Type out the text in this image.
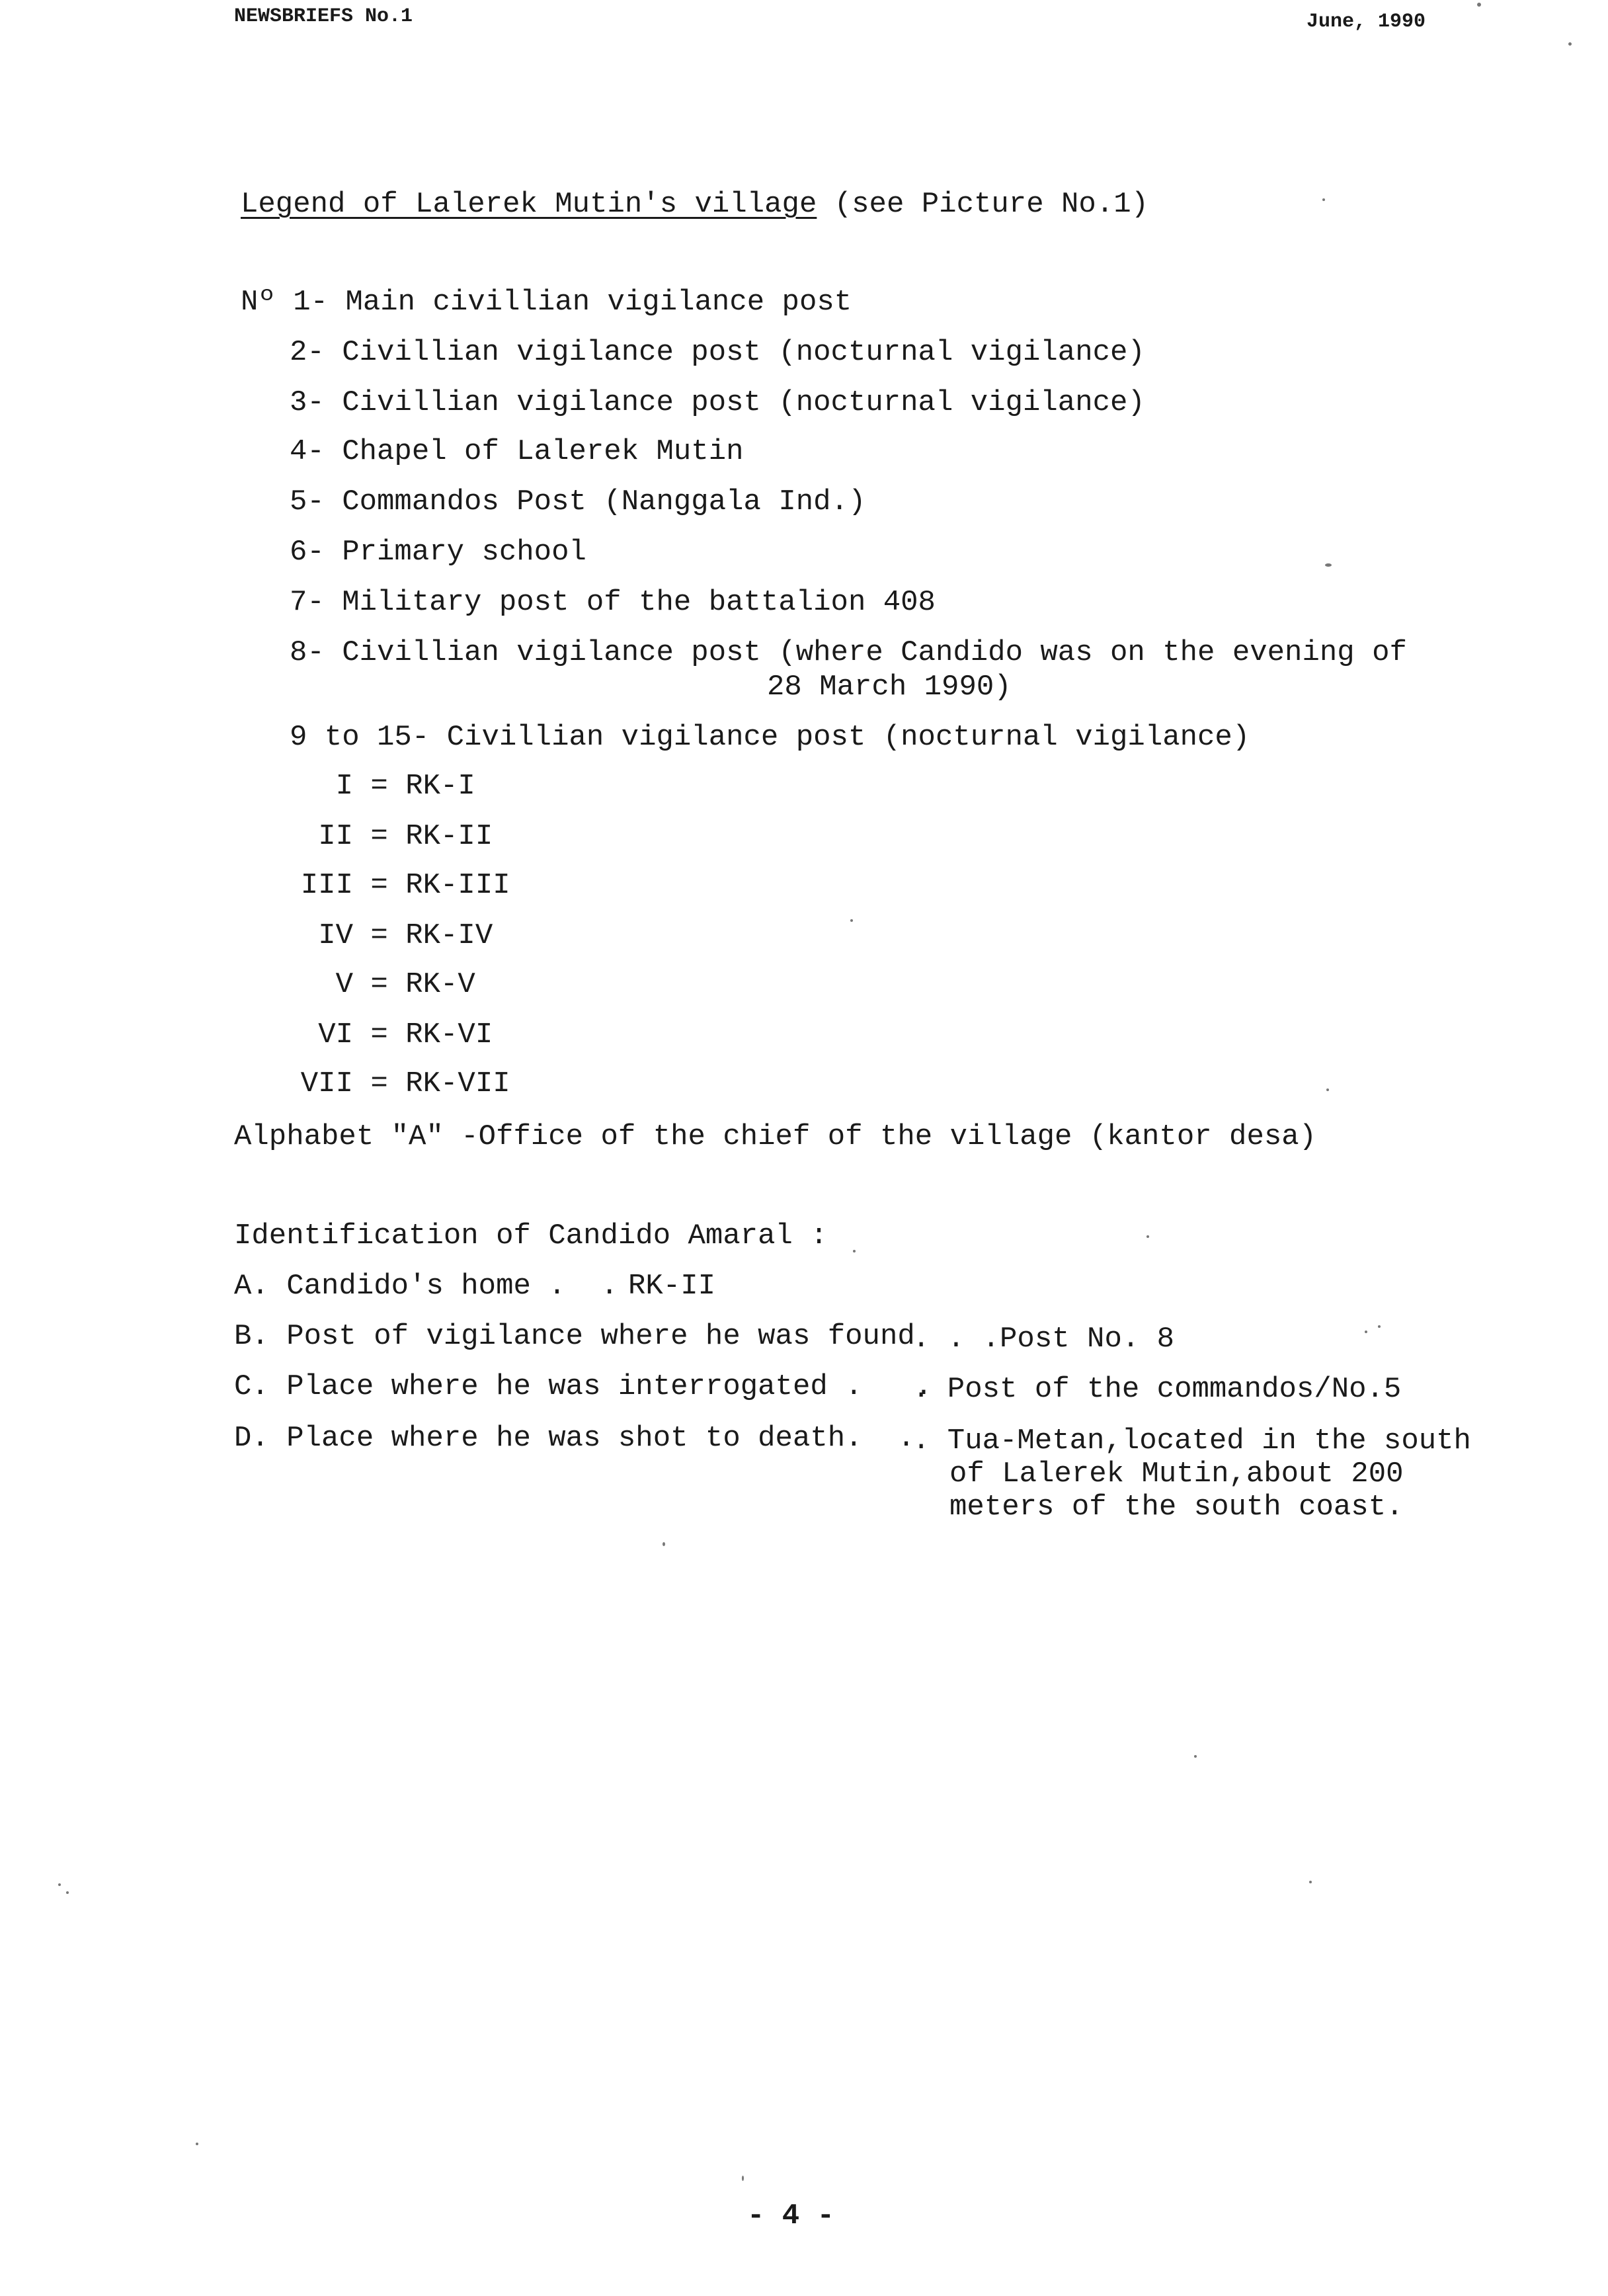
NEWSBRIEFS No.1	June, 1990
Legend of Lalerek Mutin's village (see Picture No.1)
Nº 1- Main civillian vigilance post
2- Civillian vigilance post (nocturnal vigilance)
3- Civillian vigilance post (nocturnal vigilance)
4- Chapel of Lalerek Mutin
5- Commandos Post (Nanggala Ind.)
6- Primary school
7- Military post of the battalion 408
8- Civillian vigilance post (where Candido was on the evening of
28 March 1990)
9 to 15- Civillian vigilance post (nocturnal vigilance)
I = RK-I
II = RK-II
III = RK-III
IV = RK-IV
V = RK-V
VI = RK-VI
VII = RK-VII
Alphabet "A" -Office of the chief of the village (kantor desa)
Identification of Candido Amaral :
A. Candido's home .  . RK-II
B. Post of vigilance where he was found
. . .Post No. 8
C. Place where he was interrogated .   .
. Post of the commandos/No.5
D. Place where he was shot to death.  .
. Tua-Metan,located in the south
of Lalerek Mutin,about 200
meters of the south coast.
- 4 -
